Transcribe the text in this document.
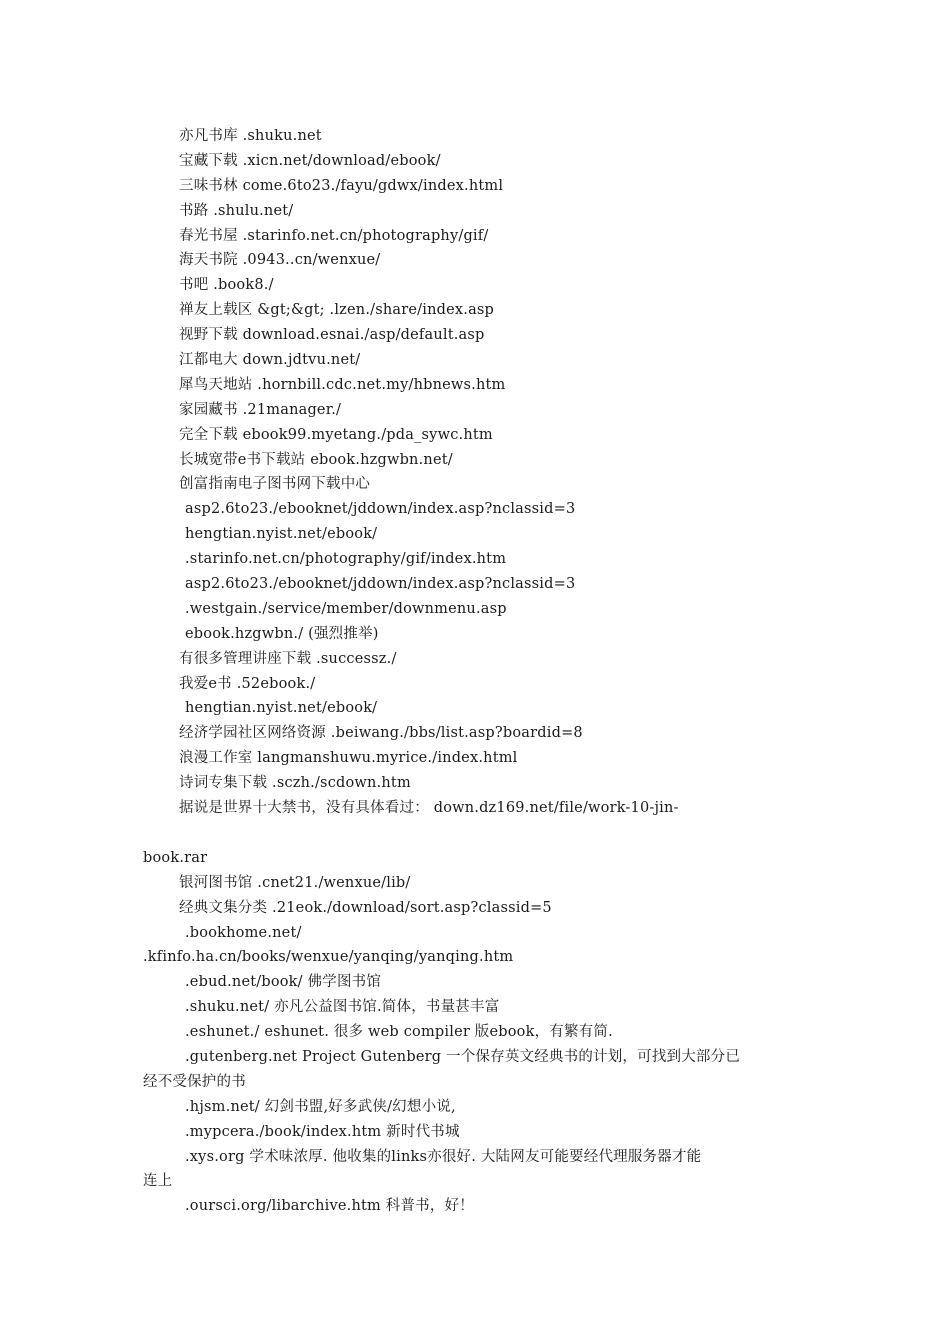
亦凡书库 .shuku.net
宝藏下载 .xicn.net/download/ebook/
三味书林 come.6to23./fayu/gdwx/index.html
书路 .shulu.net/
春光书屋 .starinfo.net.cn/photography/gif/
海天书院 .0943..cn/wenxue/
书吧 .book8./
禅友上载区 &gt;&gt; .lzen./share/index.asp
视野下载 download.esnai./asp/default.asp
江都电大 down.jdtvu.net/
犀鸟天地站 .hornbill.cdc.net.my/hbnews.htm
家园藏书 .21manager./
完全下载 ebook99.myetang./pda_sywc.htm
长城宽带e书下载站 ebook.hzgwbn.net/
创富指南电子图书网下载中心
asp2.6to23./ebooknet/jddown/index.asp?nclassid=3
hengtian.nyist.net/ebook/
.starinfo.net.cn/photography/gif/index.htm
asp2.6to23./ebooknet/jddown/index.asp?nclassid=3
.westgain./service/member/downmenu.asp
ebook.hzgwbn./ (强烈推举)
有很多管理讲座下载 .successz./
我爱e书 .52ebook./
hengtian.nyist.net/ebook/
经济学园社区网络资源 .beiwang./bbs/list.asp?boardid=8
浪漫工作室 langmanshuwu.myrice./index.html
诗词专集下载 .sczh./scdown.htm
据说是世界十大禁书，没有具体看过： down.dz169.net/file/work-10-jin-
book.rar
银河图书馆 .cnet21./wenxue/lib/
经典文集分类 .21eok./download/sort.asp?classid=5
.bookhome.net/
.kfinfo.ha.cn/books/wenxue/yanqing/yanqing.htm
.ebud.net/book/ 佛学图书馆
.shuku.net/ 亦凡公益图书馆.简体，书量甚丰富
.eshunet./ eshunet. 很多 web compiler 版ebook，有繁有简.
.gutenberg.net Project Gutenberg 一个保存英文经典书的计划，可找到大部分已
经不受保护的书
.hjsm.net/ 幻剑书盟,好多武侠/幻想小说,
.mypcera./book/index.htm 新时代书城
.xys.org 学术味浓厚. 他收集的links亦很好. 大陆网友可能要经代理服务器才能
连上
.oursci.org/libarchive.htm 科普书，好！
